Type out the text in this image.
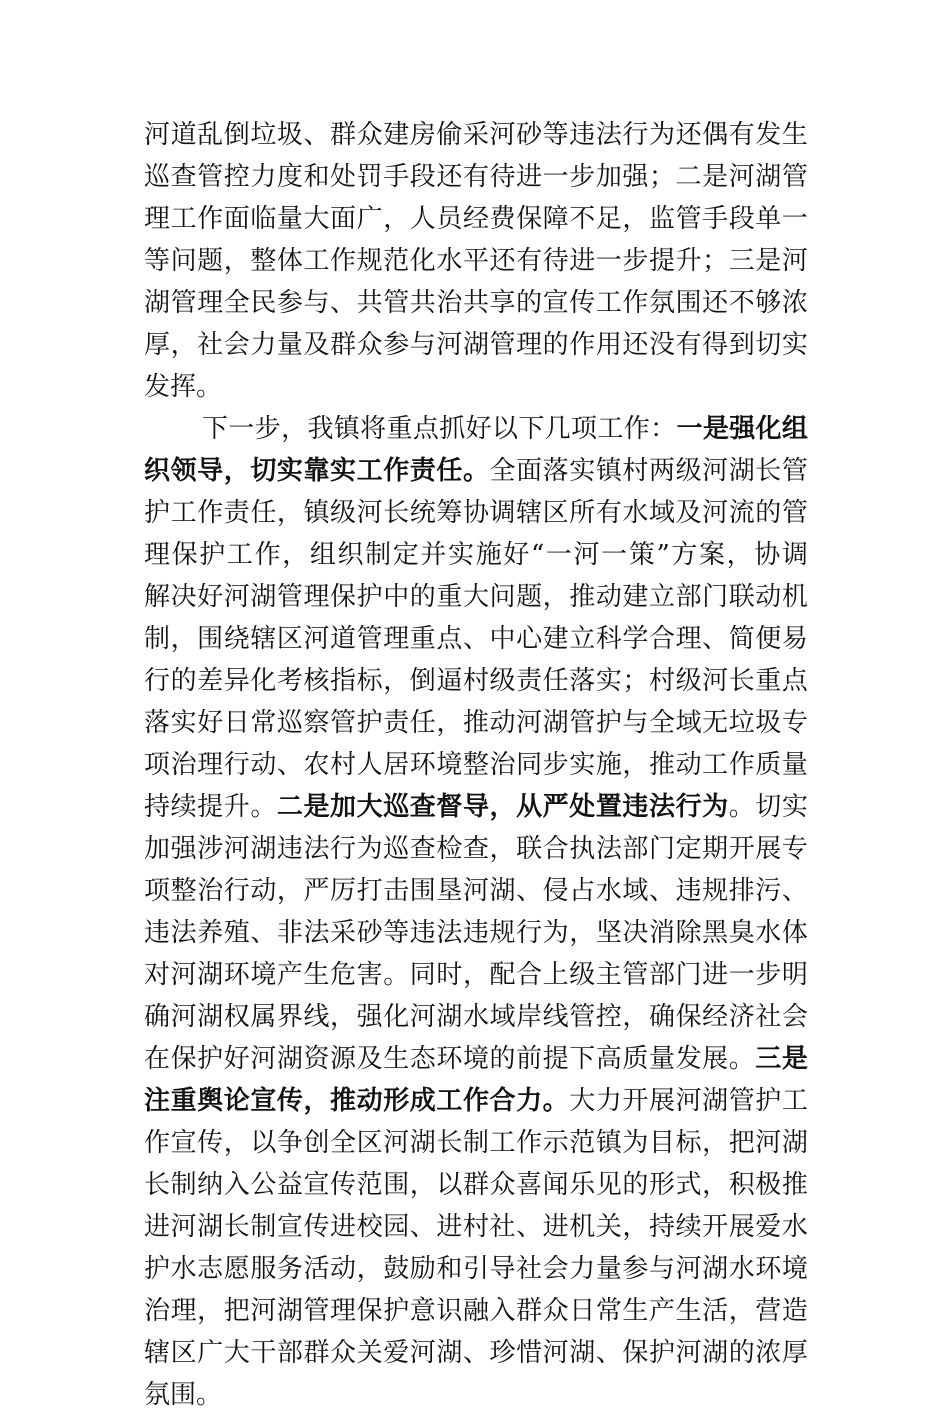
河 道 乱 倒 垃 圾 、 群 众 建 房 偷 采 河 砂 等 违 法 行 为 还 偶 有 发 生
巡 查 管 控 力 度 和 处 罚 手 段 还 有 待 进 一 步 加 强 ； 二 是 河 湖 管
理 工 作 面 临 量 大 面 广 ， 人 员 经 费 保 障 不 足 ， 监 管 手 段 单 一
等 问 题 ， 整 体 工 作 规 范 化 水 平 还 有 待 进 一 步 提 升 ； 三 是 河
湖 管 理 全 民 参 与 、 共 管 共 治 共 享 的 宣 传 工 作 氛 围 还 不 够 浓
厚 ， 社 会 力 量 及 群 众 参 与 河 湖 管 理 的 作 用 还 没 有 得 到 切 实
发挥。
下 一 步 ， 我 镇 将 重 点 抓 好 以 下 几 项 工 作 ： 一 是 强 化 组
织 领 导 ， 切 实 靠 实 工 作 责 任 。 全 面 落 实 镇 村 两 级 河 湖 长 管
护 工 作 责 任 ， 镇 级 河 长 统 筹 协 调 辖 区 所 有 水 域 及 河 流 的 管
理 保 护 工 作 ， 组 织 制 定 并 实 施 好 “ 一 河 一 策 ” 方 案 ， 协 调
解 决 好 河 湖 管 理 保 护 中 的 重 大 问 题 ， 推 动 建 立 部 门 联 动 机
制 ， 围 绕 辖 区 河 道 管 理 重 点 、 中 心 建 立 科 学 合 理 、 简 便 易
行 的 差 异 化 考 核 指 标 ， 倒 逼 村 级 责 任 落 实 ； 村 级 河 长 重 点
落 实 好 日 常 巡 察 管 护 责 任 ， 推 动 河 湖 管 护 与 全 域 无 垃 圾 专
项 治 理 行 动 、 农 村 人 居 环 境 整 治 同 步 实 施 ， 推 动 工 作 质 量
持 续 提 升 。 二 是 加 大 巡 查 督 导 ， 从 严 处 置 违 法 行 为 。 切 实
加 强 涉 河 湖 违 法 行 为 巡 查 检 查 ， 联 合 执 法 部 门 定 期 开 展 专
项 整 治 行 动 ， 严 厉 打 击 围 垦 河 湖 、 侵 占 水 域 、 违 规 排 污 、
违 法 养 殖 、 非 法 采 砂 等 违 法 违 规 行 为 ， 坚 决 消 除 黑 臭 水 体
对 河 湖 环 境 产 生 危 害 。 同 时 ， 配 合 上 级 主 管 部 门 进 一 步 明
确 河 湖 权 属 界 线 ， 强 化 河 湖 水 域 岸 线 管 控 ， 确 保 经 济 社 会
在 保 护 好 河 湖 资 源 及 生 态 环 境 的 前 提 下 高 质 量 发 展 。 三 是
注 重 舆 论 宣 传 ， 推 动 形 成 工 作 合 力 。 大 力 开 展 河 湖 管 护 工
作 宣 传 ， 以 争 创 全 区 河 湖 长 制 工 作 示 范 镇 为 目 标 ， 把 河 湖
长 制 纳 入 公 益 宣 传 范 围 ， 以 群 众 喜 闻 乐 见 的 形 式 ， 积 极 推
进 河 湖 长 制 宣 传 进 校 园 、 进 村 社 、 进 机 关 ， 持 续 开 展 爱 水
护 水 志 愿 服 务 活 动 ， 鼓 励 和 引 导 社 会 力 量 参 与 河 湖 水 环 境
治 理 ， 把 河 湖 管 理 保 护 意 识 融 入 群 众 日 常 生 产 生 活 ， 营 造
辖 区 广 大 干 部 群 众 关 爱 河 湖 、 珍 惜 河 湖 、 保 护 河 湖 的 浓 厚
氛围。
